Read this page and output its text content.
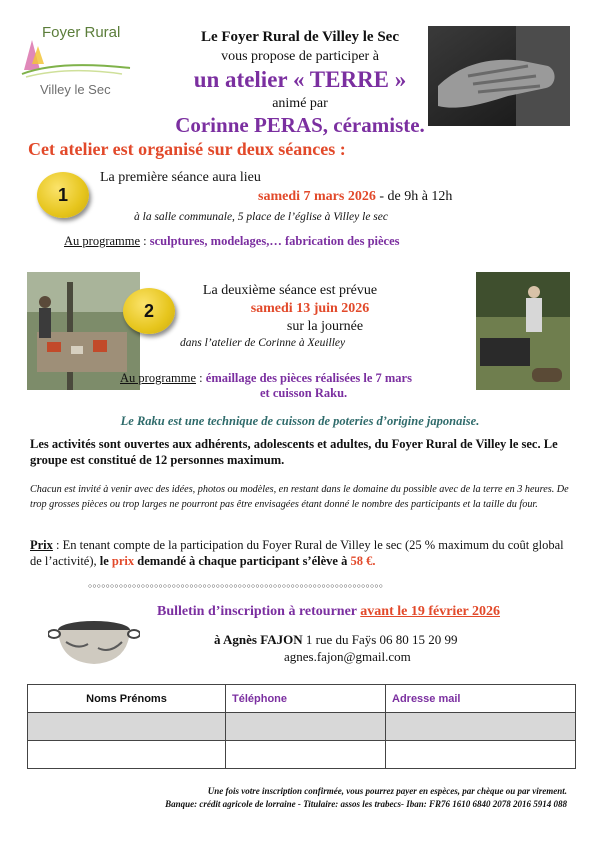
Foyer Rural
Villey le Sec
Le Foyer Rural de Villey le Sec
vous propose de participer à
un atelier « TERRE »
animé par
Corinne PERAS, céramiste.
Cet atelier est organisé sur deux séances :
1
La première séance aura lieu
samedi 7 mars 2026 - de 9h à 12h
à la salle communale, 5 place de l’église à Villey le sec
Au programme : sculptures, modelages,… fabrication des pièces
2
La deuxième séance est prévue
samedi 13 juin 2026
sur la journée
dans l’atelier de Corinne à Xeuilley
Au programme : émaillage des pièces réalisées le 7 mars
et cuisson Raku.
Le Raku est une technique de cuisson de poteries d’origine japonaise.
Les activités sont ouvertes aux adhérents, adolescents et adultes, du Foyer Rural de Villey le sec. Le groupe est constitué de 12 personnes maximum.
Chacun est invité à venir avec des idées, photos ou modèles, en restant dans le domaine du possible avec de la terre en 3 heures. De trop grosses pièces ou trop larges ne pourront pas être envisagées étant donné le nombre des participants et la taille du four.
Prix : En tenant compte de la participation du Foyer Rural de Villey le sec (25 % maximum du coût global de l’activité), le prix demandé à chaque participant s’élève à 58 €.
○○○○○○○○○○○○○○○○○○○○○○○○○○○○○○○○○○○○○○○○○○○○○○○○○○○○○○○○○○○○○○○○○○○
Bulletin d’inscription à retourner avant le 19 février 2026
à Agnès FAJON 1 rue du Faÿs 06 80 15 20 99
agnes.fajon@gmail.com
Noms Prénoms	Téléphone	Adresse mail

Une fois votre inscription confirmée, vous pourrez payer en espèces, par chèque ou par virement.
Banque: crédit agricole de lorraine - Titulaire: assos les trabecs- Iban: FR76 1610 6840 2078 2016 5914 088
